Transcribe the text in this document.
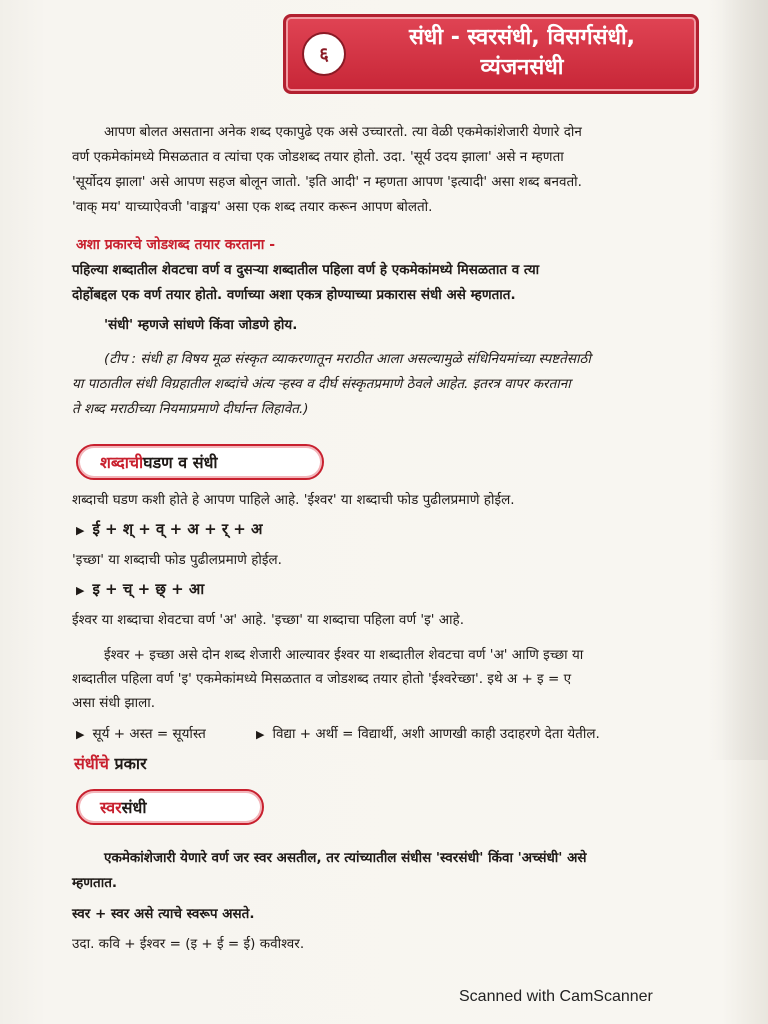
६
संधी - स्वरसंधी, विसर्गसंधी,
व्यंजनसंधी

आपण बोलत असताना अनेक शब्द एकापुढे एक असे उच्चारतो. त्या वेळी एकमेकांशेजारी येणारे दोन

वर्ण एकमेकांमध्ये मिसळतात व त्यांचा एक जोडशब्द तयार होतो. उदा. 'सूर्य उदय झाला' असे न म्हणता

'सूर्योदय झाला' असे आपण सहज बोलून जातो. 'इति आदी' न म्हणता आपण 'इत्यादी' असा शब्द बनवतो.

'वाक् मय' याच्याऐवजी 'वाङ्मय' असा एक शब्द तयार करून आपण बोलतो.

अशा प्रकारचे जोडशब्द तयार करताना -

पहिल्या शब्दातील शेवटचा वर्ण व दुसऱ्या शब्दातील पहिला वर्ण हे एकमेकांमध्ये मिसळतात व त्या

दोहोंबद्दल एक वर्ण तयार होतो. वर्णाच्या अशा एकत्र होण्याच्या प्रकारास संधी असे म्हणतात.

'संधी' म्हणजे सांधणे किंवा जोडणे होय.

(टीप : संधी हा विषय मूळ संस्कृत व्याकरणातून मराठीत आला असल्यामुळे संधिनियमांच्या स्पष्टतेसाठी

या पाठातील संधी विग्रहातील शब्दांचे अंत्य ऱ्हस्व व दीर्घ संस्कृतप्रमाणे ठेवले आहेत. इतरत्र वापर करताना

ते शब्द मराठीच्या नियमाप्रमाणे दीर्घान्त लिहावेत.)

शब्दाची घडण व संधी

शब्दाची घडण कशी होते हे आपण पाहिले आहे. 'ईश्वर' या शब्दाची फोड पुढीलप्रमाणे होईल.

▶ ई + श् + व् + अ + र् + अ

'इच्छा' या शब्दाची फोड पुढीलप्रमाणे होईल.

▶ इ + च् + छ् + आ

ईश्वर या शब्दाचा शेवटचा वर्ण 'अ' आहे. 'इच्छा' या शब्दाचा पहिला वर्ण 'इ' आहे.

ईश्वर + इच्छा असे दोन शब्द शेजारी आल्यावर ईश्वर या शब्दातील शेवटचा वर्ण 'अ' आणि इच्छा या

शब्दातील पहिला वर्ण 'इ' एकमेकांमध्ये मिसळतात व जोडशब्द तयार होतो 'ईश्वरेच्छा'. इथे अ + इ = ए

असा संधी झाला.

▶ सूर्य + अस्त = सूर्यास्त	▶ विद्या + अर्थी = विद्यार्थी, अशी आणखी काही उदाहरणे देता येतील.

संधींचे प्रकार

स्वर संधी

एकमेकांशेजारी येणारे वर्ण जर स्वर असतील, तर त्यांच्यातील संधीस 'स्वरसंधी' किंवा 'अच्संधी' असे

म्हणतात.

स्वर + स्वर असे त्याचे स्वरूप असते.

उदा. कवि + ईश्वर = (इ + ई = ई) कवीश्वर.

Scanned with CamScanner
